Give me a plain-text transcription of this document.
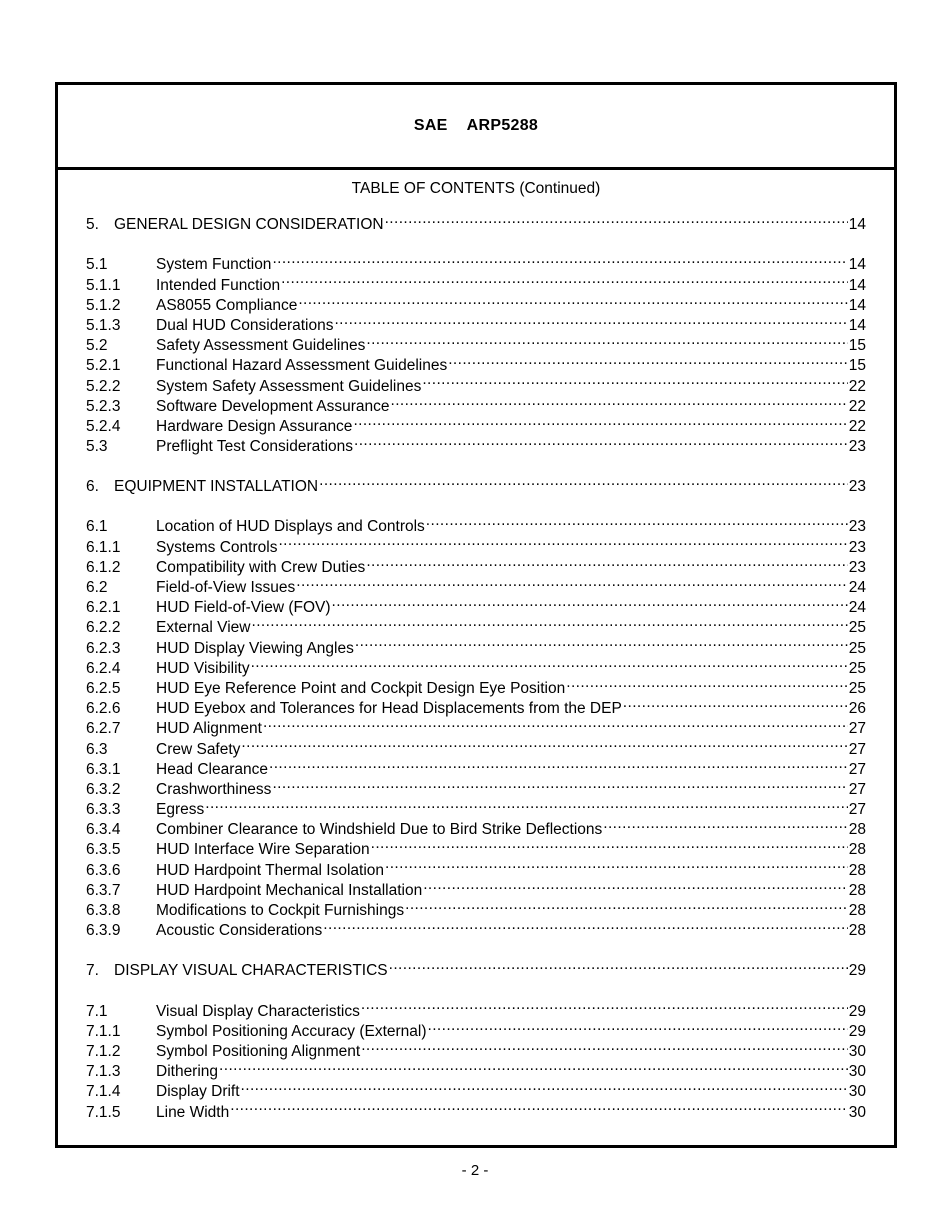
SAE
ARP5288
TABLE OF CONTENTS (Continued)
5. GENERAL DESIGN CONSIDERATION .....	14
5.1	System Function .....	14
5.1.1	Intended Function .....	14
5.1.2	AS8055 Compliance .....	14
5.1.3	Dual HUD Considerations .....	14
5.2	Safety Assessment Guidelines .....	15
5.2.1	Functional Hazard Assessment Guidelines .....	15
5.2.2	System Safety Assessment Guidelines .....	22
5.2.3	Software Development Assurance .....	22
5.2.4	Hardware Design Assurance .....	22
5.3	Preflight Test Considerations .....	23
6. EQUIPMENT INSTALLATION .....	23
6.1	Location of HUD Displays and Controls .....	23
6.1.1	Systems Controls .....	23
6.1.2	Compatibility with Crew Duties .....	23
6.2	Field-of-View Issues .....	24
6.2.1	HUD Field-of-View (FOV) .....	24
6.2.2	External View .....	25
6.2.3	HUD Display Viewing Angles .....	25
6.2.4	HUD Visibility .....	25
6.2.5	HUD Eye Reference Point and Cockpit Design Eye Position .....	25
6.2.6	HUD Eyebox and Tolerances for Head Displacements from the DEP .....	26
6.2.7	HUD Alignment .....	27
6.3	Crew Safety .....	27
6.3.1	Head Clearance .....	27
6.3.2	Crashworthiness .....	27
6.3.3	Egress .....	27
6.3.4	Combiner Clearance to Windshield Due to Bird Strike Deflections .....	28
6.3.5	HUD Interface Wire Separation .....	28
6.3.6	HUD Hardpoint Thermal Isolation .....	28
6.3.7	HUD Hardpoint Mechanical Installation .....	28
6.3.8	Modifications to Cockpit Furnishings .....	28
6.3.9	Acoustic Considerations .....	28
7. DISPLAY VISUAL CHARACTERISTICS .....	29
7.1	Visual Display Characteristics .....	29
7.1.1	Symbol Positioning Accuracy (External) .....	29
7.1.2	Symbol Positioning Alignment .....	30
7.1.3	Dithering .....	30
7.1.4	Display Drift .....	30
7.1.5	Line Width .....	30
- 2 -
